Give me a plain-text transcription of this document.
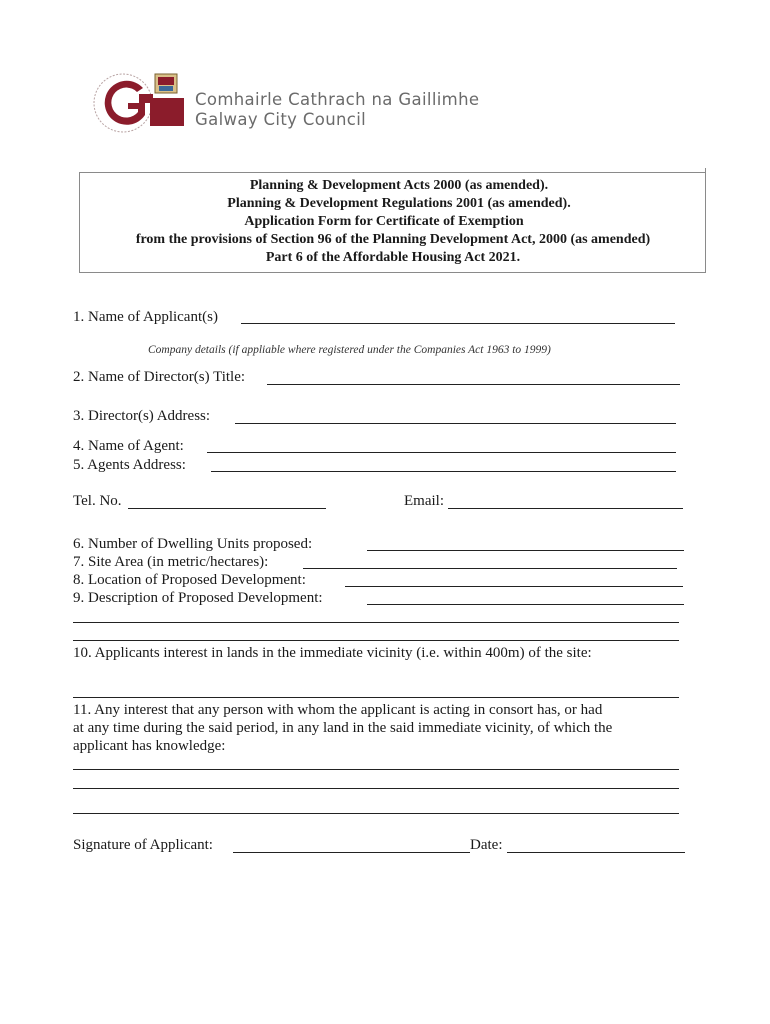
Comhairle Cathrach na Gaillimhe
Galway City Council
Planning & Development Acts 2000 (as amended).
Planning & Development Regulations 2001 (as amended).
Application Form for Certificate of Exemption
from the provisions of Section 96 of the Planning Development Act, 2000 (as amended)
Part 6 of the Affordable Housing Act 2021.
1. Name of Applicant(s)
Company details (if appliable where registered under the Companies Act 1963 to 1999)
2. Name of Director(s) Title:
3. Director(s) Address:
4. Name of Agent:
5. Agents Address:
Tel. No.	Email:
6. Number of Dwelling Units proposed:
7. Site Area (in metric/hectares):
8. Location of Proposed Development:
9. Description of Proposed Development:
10. Applicants interest in lands in the immediate vicinity (i.e. within 400m) of the site:
11. Any interest that any person with whom the applicant is acting in consort has, or had
at any time during the said period, in any land in the said immediate vicinity, of which the
applicant has knowledge:
Signature of Applicant:	Date:
